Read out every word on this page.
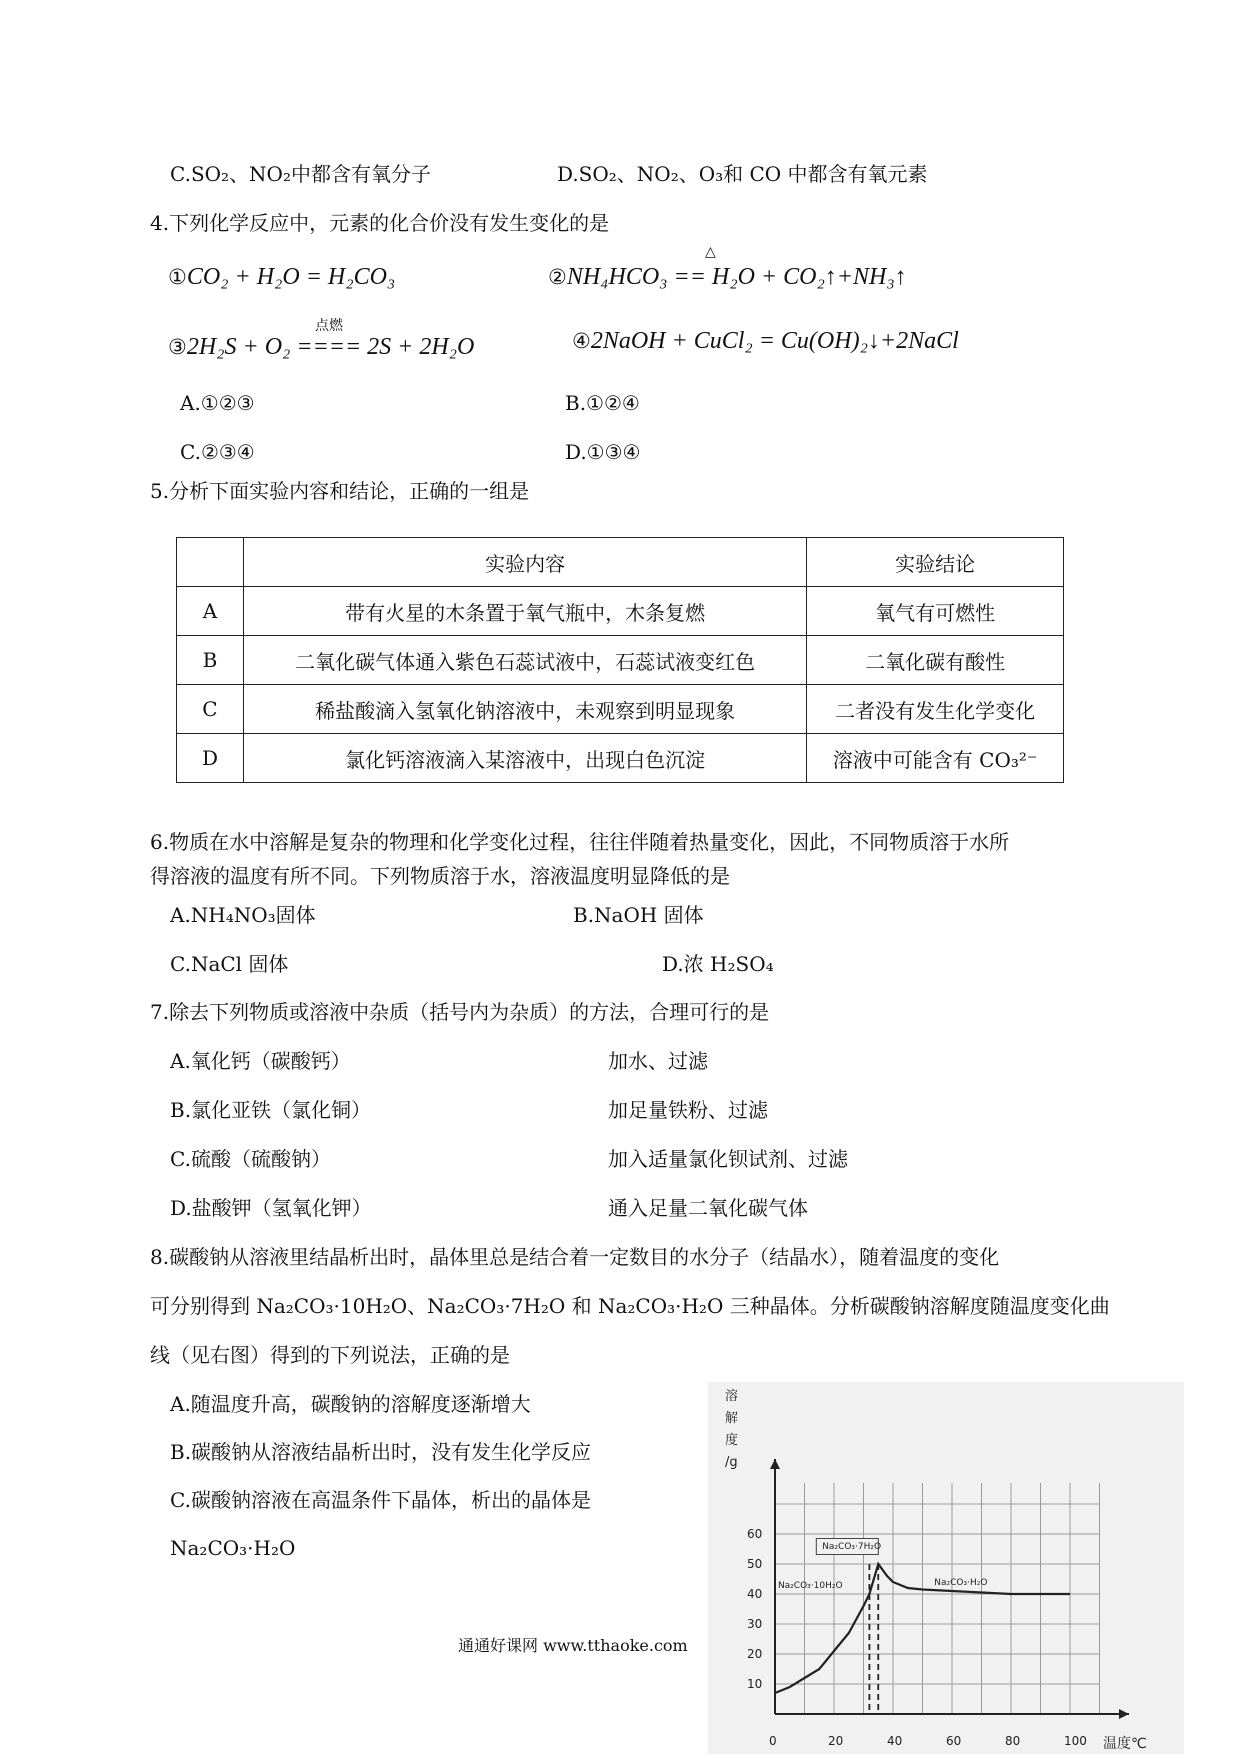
C.SO₂、NO₂中都含有氧分子	D.SO₂、NO₂、O₃和 CO 中都含有氧元素
4.下列化学反应中，元素的化合价没有发生变化的是
①CO₂ + H₂O = H₂CO₃
△
②NH₄HCO₃ == H₂O + CO₂↑+NH₃↑
点燃
③2H₂S + O₂ ==== 2S + 2H₂O	④2NaOH + CuCl₂ = Cu(OH)₂↓+2NaCl
A.①②③	B.①②④
C.②③④	D.①③④
5.分析下面实验内容和结论，正确的一组是
	实验内容	实验结论
A	带有火星的木条置于氧气瓶中，木条复燃	氧气有可燃性
B	二氧化碳气体通入紫色石蕊试液中，石蕊试液变红色	二氧化碳有酸性
C	稀盐酸滴入氢氧化钠溶液中，未观察到明显现象	二者没有发生化学变化
D	氯化钙溶液滴入某溶液中，出现白色沉淀	溶液中可能含有 CO₃²⁻
6.物质在水中溶解是复杂的物理和化学变化过程，往往伴随着热量变化，因此，不同物质溶于水所
得溶液的温度有所不同。下列物质溶于水，溶液温度明显降低的是
A.NH₄NO₃固体	B.NaOH 固体
C.NaCl 固体	D.浓 H₂SO₄
7.除去下列物质或溶液中杂质（括号内为杂质）的方法，合理可行的是
A.氧化钙（碳酸钙）	加水、过滤
B.氯化亚铁（氯化铜）	加足量铁粉、过滤
C.硫酸（硫酸钠）	加入适量氯化钡试剂、过滤
D.盐酸钾（氢氧化钾）	通入足量二氧化碳气体
8.碳酸钠从溶液里结晶析出时，晶体里总是结合着一定数目的水分子（结晶水），随着温度的变化
可分别得到 Na₂CO₃·10H₂O、Na₂CO₃·7H₂O 和 Na₂CO₃·H₂O 三种晶体。分析碳酸钠溶解度随温度变化曲
线（见右图）得到的下列说法，正确的是
A.随温度升高，碳酸钠的溶解度逐渐增大
B.碳酸钠从溶液结晶析出时，没有发生化学反应
C.碳酸钠溶液在高温条件下晶体，析出的晶体是
Na₂CO₃·H₂O
通通好课网 www.tthaoke.com
10
20
30
40
50
60
0	20	40	60	80	100
溶
解
度
/g
温度℃
Na₂CO₃·7H₂O
Na₂CO₃·10H₂O	Na₂CO₃·H₂O
